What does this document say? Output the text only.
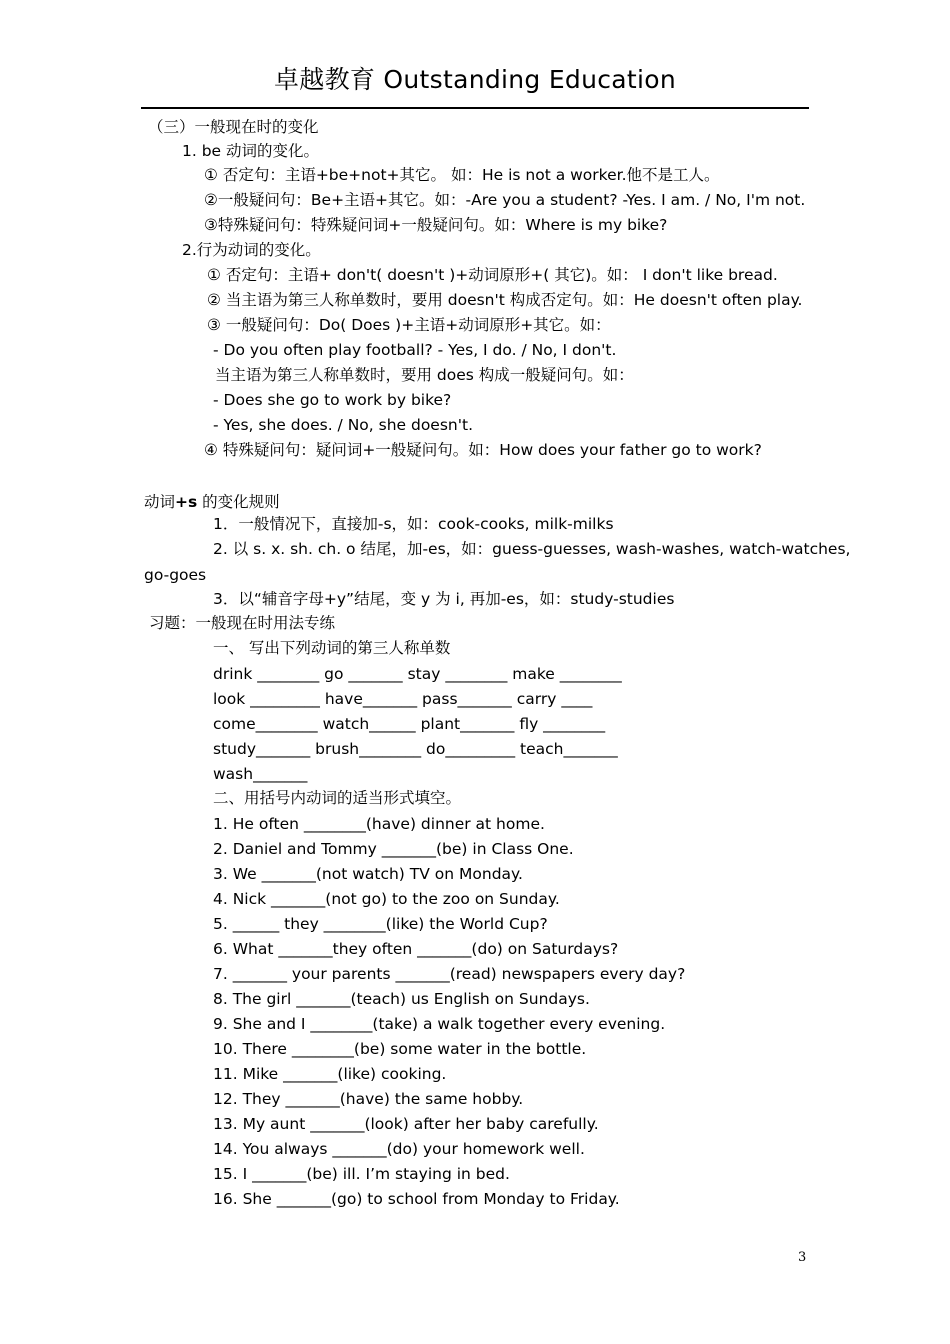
卓越教育 Outstanding Education
（三）一般现在时的变化
1. be 动词的变化。
① 否定句：主语+be+not+其它。 如：He is not a worker.他不是工人。
②一般疑问句：Be+主语+其它。如：-Are you a student? -Yes. I am. / No, I'm not.
③特殊疑问句：特殊疑问词+一般疑问句。如：Where is my bike?
2.行为动词的变化。
① 否定句：主语+ don't( doesn't )+动词原形+( 其它)。如： I don't like bread.
② 当主语为第三人称单数时，要用 doesn't 构成否定句。如：He doesn't often play.
③ 一般疑问句：Do( Does )+主语+动词原形+其它。如：
- Do you often play football? - Yes, I do. / No, I don't.
当主语为第三人称单数时，要用 does 构成一般疑问句。如：
- Does she go to work by bike?
- Yes, she does. / No, she doesn't.
④ 特殊疑问句：疑问词+一般疑问句。如：How does your father go to work?
动词+s 的变化规则
1．一般情况下，直接加-s，如：cook-cooks, milk-milks
2. 以 s. x. sh. ch. o 结尾，加-es，如：guess-guesses, wash-washes, watch-watches,
go-goes
3．以“辅音字母+y”结尾，变 y 为 i, 再加-es，如：study-studies
习题：一般现在时用法专练
一、 写出下列动词的第三人称单数
drink ________ go _______ stay ________ make ________
look _________ have_______ pass_______ carry ____
come________ watch______ plant_______ fly ________
study_______ brush________ do_________ teach_______
wash_______
二、用括号内动词的适当形式填空。
1. He often ________(have) dinner at home.
2. Daniel and Tommy _______(be) in Class One.
3. We _______(not watch) TV on Monday.
4. Nick _______(not go) to the zoo on Sunday.
5. ______ they ________(like) the World Cup?
6. What _______they often _______(do) on Saturdays?
7. _______ your parents _______(read) newspapers every day?
8. The girl _______(teach) us English on Sundays.
9. She and I ________(take) a walk together every evening.
10. There ________(be) some water in the bottle.
11. Mike _______(like) cooking.
12. They _______(have) the same hobby.
13. My aunt _______(look) after her baby carefully.
14. You always _______(do) your homework well.
15. I _______(be) ill. I’m staying in bed.
16. She _______(go) to school from Monday to Friday.
3
